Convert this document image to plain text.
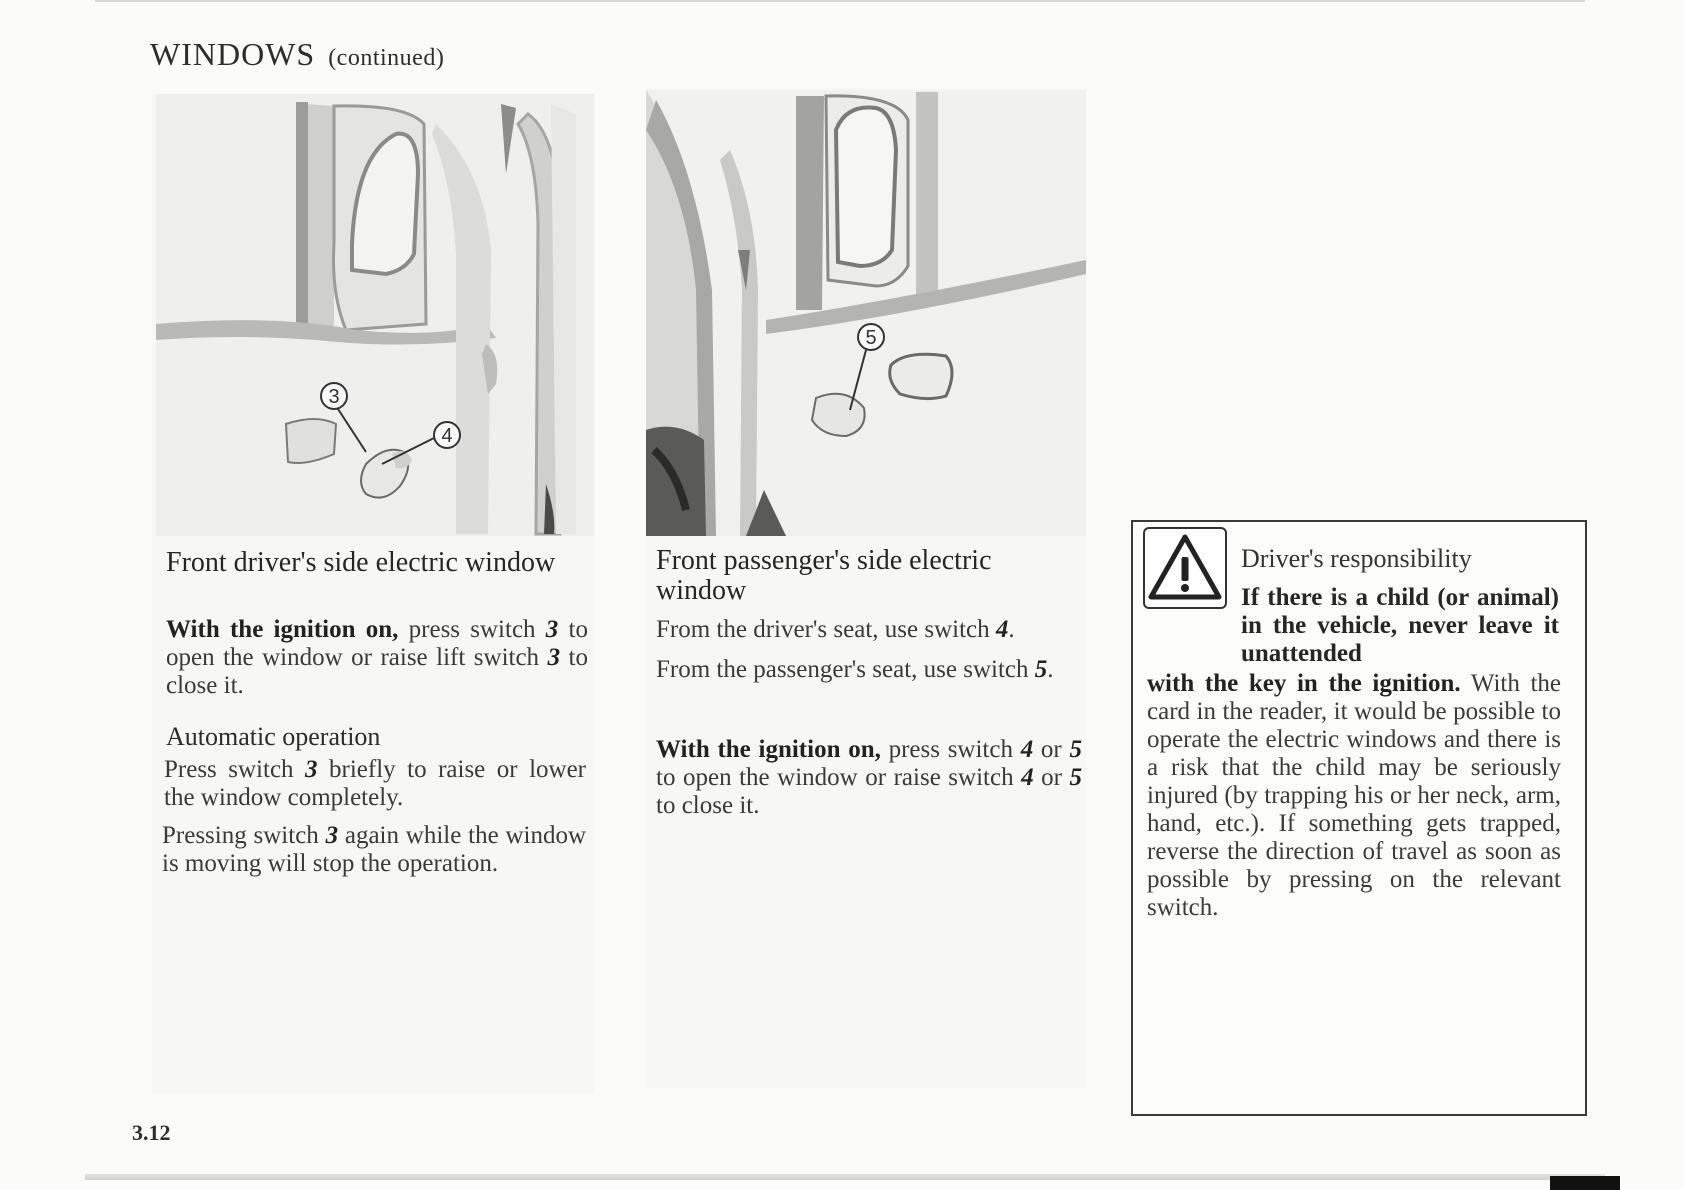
WINDOWS (continued)
3
4
5
Front driver's side electric window
With the ignition on, press switch 3 to open the window or raise lift switch 3 to close it.
Automatic operation
Press switch 3 briefly to raise or lower the window completely.
Pressing switch 3 again while the window is moving will stop the operation.
Front passenger's side electric window
From the driver's seat, use switch 4.
From the passenger's seat, use switch 5.
With the ignition on, press switch 4 or 5 to open the window or raise switch 4 or 5 to close it.
Driver's responsibility
If there is a child (or animal) in the vehicle, never leave it unattended
with the key in the ignition. With the card in the reader, it would be possible to operate the electric windows and there is a risk that the child may be seriously injured (by trapping his or her neck, arm, hand, etc.). If something gets trapped, reverse the direction of travel as soon as possible by pressing on the relevant switch.
3.12
